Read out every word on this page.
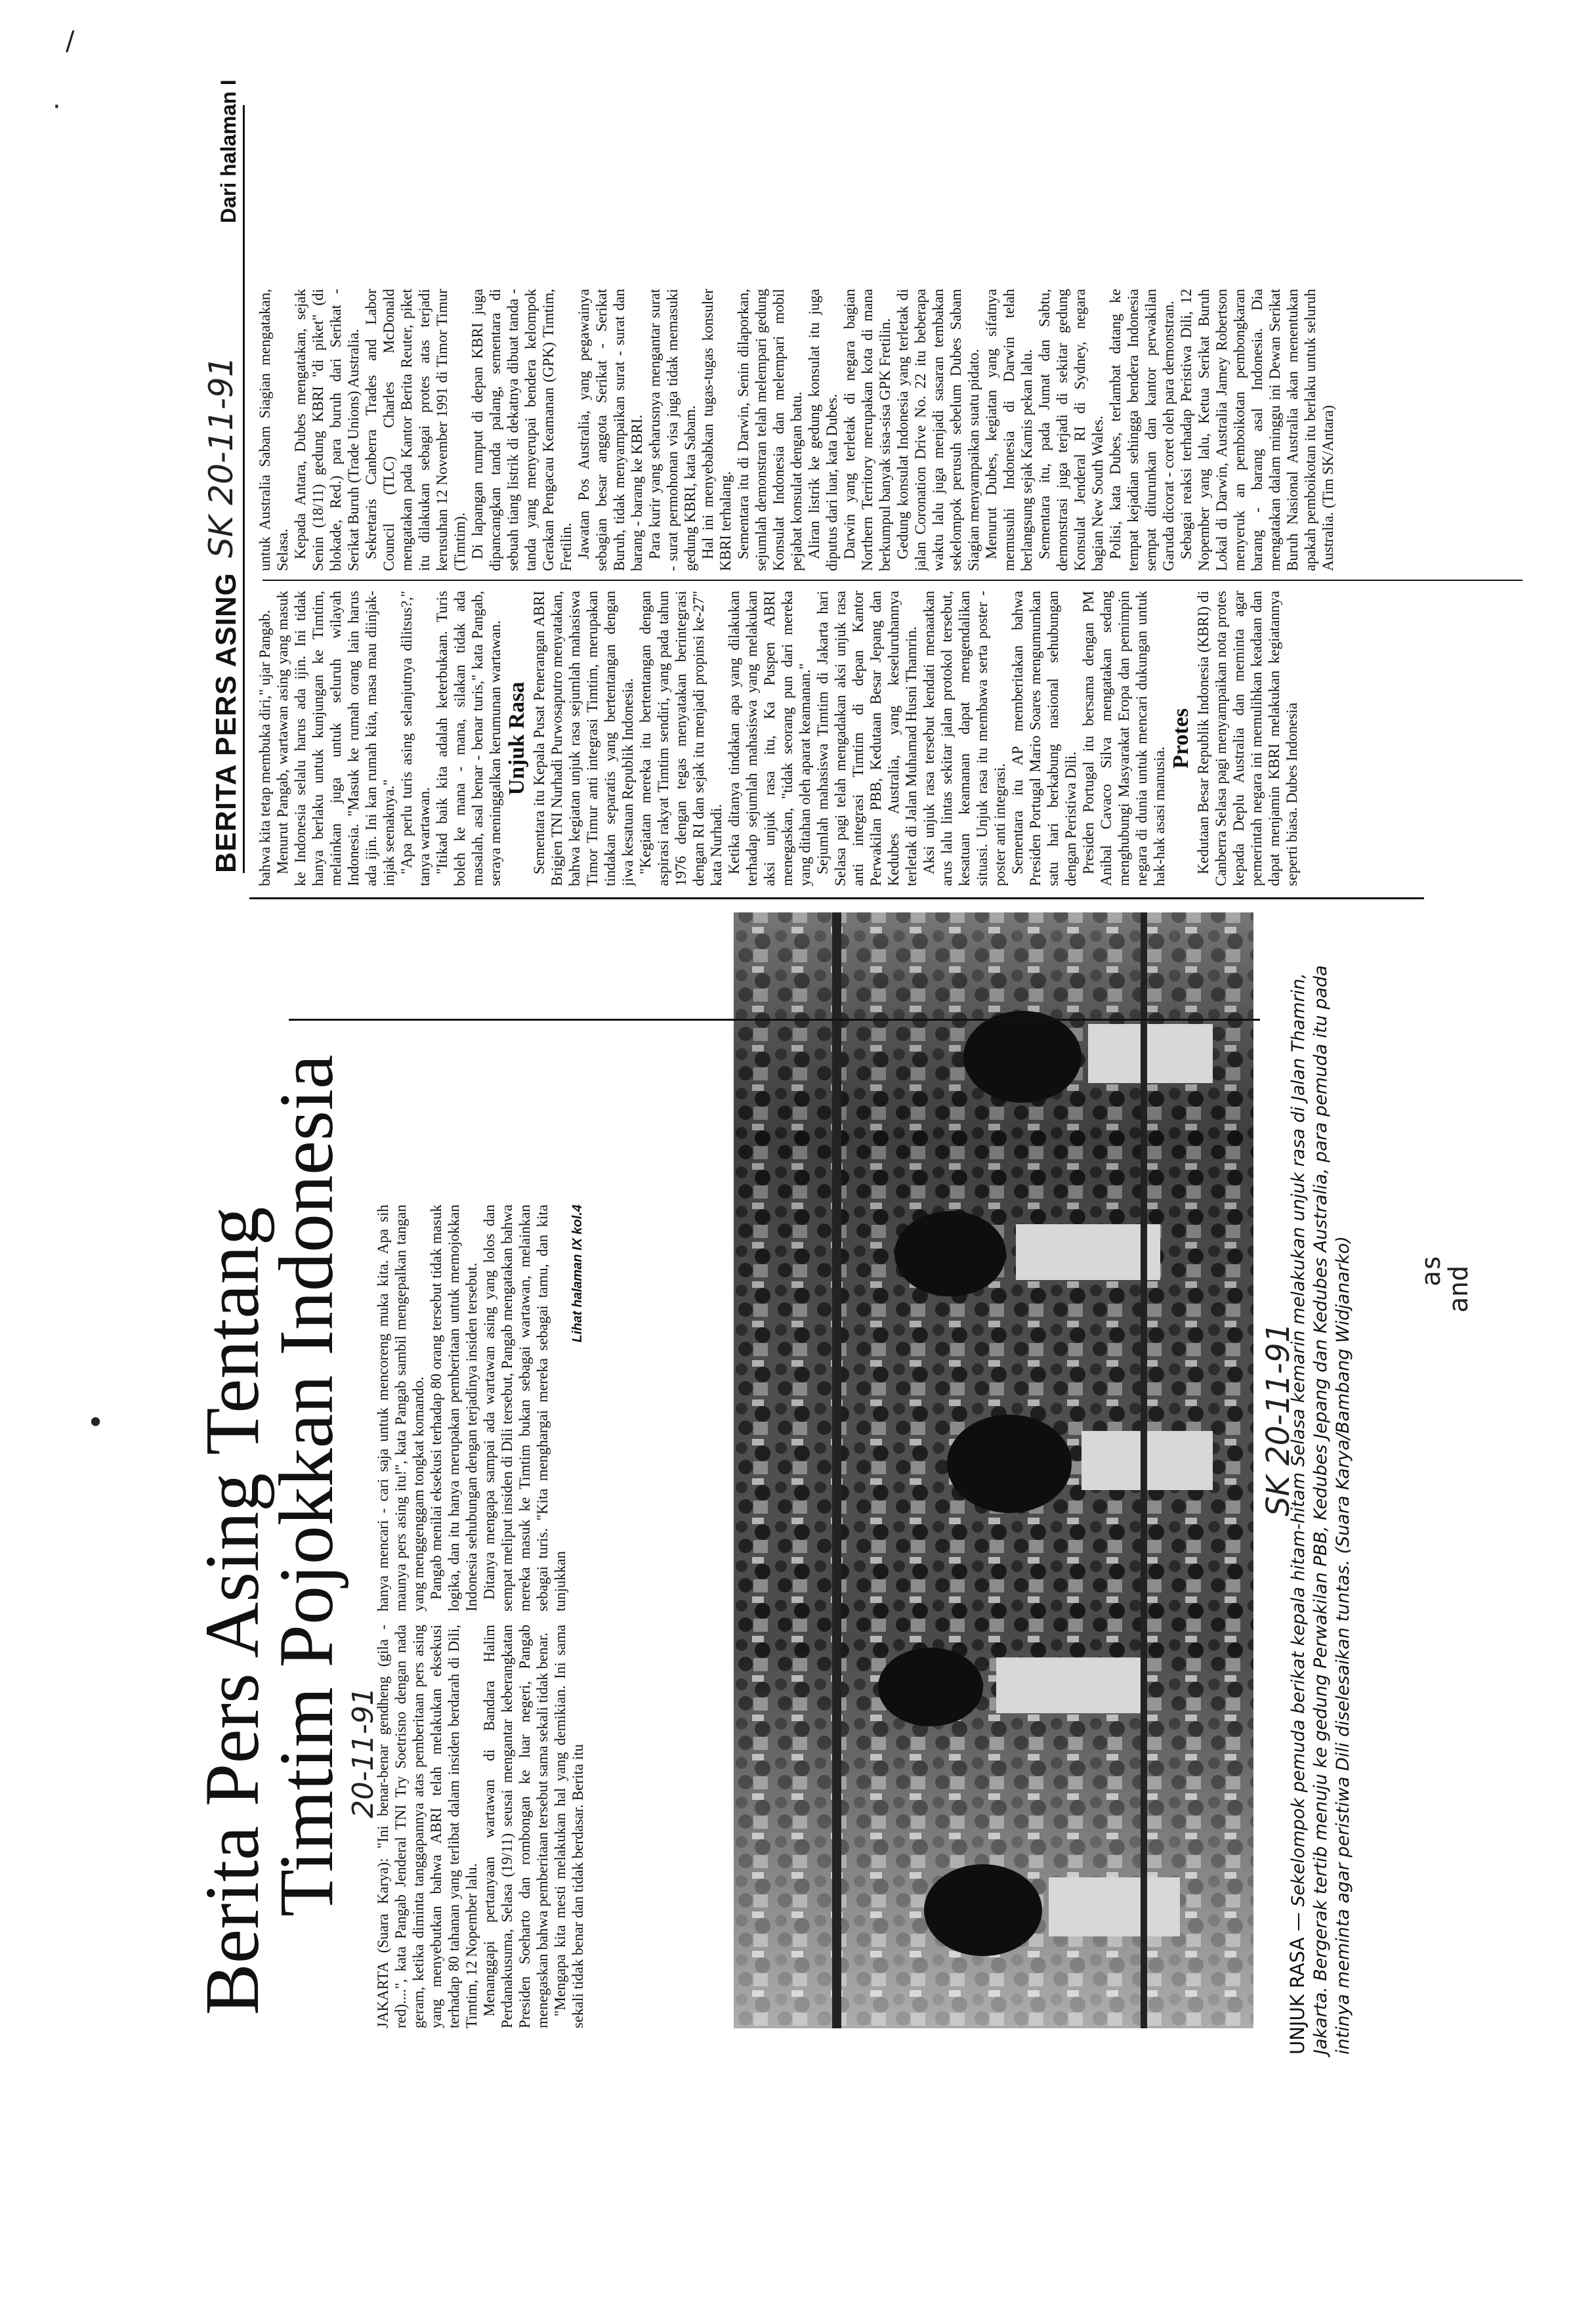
/
·
• Berita Pers Asing Tentang
Timtim Pojokkan Indonesia
20-11-91

JAKARTA (Suara Karya): "Ini benar-benar gendheng (gila - red)....", kata Pangab Jenderal TNI Try Soetrisno dengan nada geram, ketika diminta tanggapannya atas pemberitaan pers asing yang menyebutkan bahwa ABRI telah melakukan eksekusi terhadap 80 tahanan yang terlibat dalam insiden berdarah di Dili, Timtim, 12 Nopember lalu. Menanggapi pertanyaan wartawan di Bandara Halim Perdanakusuma, Selasa (19/11) seusai mengantar keberangkatan Presiden Soeharto dan rombongan ke luar negeri, Pangab menegaskan bahwa pemberitaan tersebut sama sekali tidak benar. "Mengapa kita mesti melakukan hal yang demikian. Ini sama sekali tidak benar dan tidak berdasar. Berita itu

hanya mencari - cari saja untuk mencoreng muka kita. Apa sih maunya pers asing itu!", kata Pangab sambil mengepalkan tangan yang menggenggam tongkat komando. Pangab menilai eksekusi terhadap 80 orang tersebut tidak masuk logika, dan itu hanya merupakan pemberitaan untuk memojokkan Indonesia sehubungan dengan terjadinya insiden tersebut. Ditanya mengapa sampai ada wartawan asing yang lolos dan sempat meliput insiden di Dili tersebut, Pangab mengatakan bahwa mereka masuk ke Timtim bukan sebagai wartawan, melainkan sebagai turis. "Kita menghargai mereka sebagai tamu, dan kita tunjukkan

Lihat halaman IX kol.4
SK 20-11-91
UNJUK RASA — Sekelompok pemuda berikat kepala hitam-hitam Selasa kemarin melakukan unjuk rasa di Jalan Thamrin, Jakarta. Bergerak tertib menuju ke gedung Perwakilan PBB, Kedubes Jepang dan Kedubes Australia, para pemuda itu pada intinya meminta agar peristiwa Dili diselesaikan tuntas. (Suara Karya/Bambang Widjanarko)
BERITA PERS ASING
SK 20-11-91
Dari halaman I

bahwa kita tetap membuka diri," ujar Pangab. Menurut Pangab, wartawan asing yang masuk ke Indonesia selalu harus ada ijin. Ini tidak hanya berlaku untuk kunjungan ke Timtim, melainkan juga untuk seluruh wilayah Indonesia. "Masuk ke rumah orang lain harus ada ijin. Ini kan rumah kita, masa mau diinjak-injak seenaknya." "Apa perlu turis asing selanjutnya dilitsus?," tanya wartawan. "Itikad baik kita adalah keterbukaan. Turis boleh ke mana - mana, silakan tidak ada masalah, asal benar - benar turis," kata Pangab, seraya meninggalkan kerumunan wartawan. Unjuk Rasa Sementara itu Kepala Pusat Penerangan ABRI Brigjen TNI Nurhadi Purwosaputro menyatakan, bahwa kegiatan unjuk rasa sejumlah mahasiswa Timor Timur anti integrasi Timtim, merupakan tindakan separatis yang bertentangan dengan jiwa kesatuan Republik Indonesia. "Kegiatan mereka itu bertentangan dengan aspirasi rakyat Timtim sendiri, yang pada tahun 1976 dengan tegas menyatakan berintegrasi dengan RI dan sejak itu menjadi propinsi ke-27" kata Nurhadi. Ketika ditanya tindakan apa yang dilakukan terhadap sejumlah mahasiswa yang melakukan aksi unjuk rasa itu, Ka Puspen ABRI menegaskan, "tidak seorang pun dari mereka yang ditahan oleh aparat keamanan." Sejumlah mahasiswa Timtim di Jakarta hari Selasa pagi telah mengadakan aksi unjuk rasa anti integrasi Timtim di depan Kantor Perwakilan PBB, Kedutaan Besar Jepang dan Kedubes Australia, yang keseluruhannya terletak di Jalan Muhamad Husni Thamrin. Aksi unjuk rasa tersebut kendati menaatkan arus lalu lintas sekitar jalan protokol tersebut, kesatuan keamanan dapat mengendalikan situasi. Unjuk rasa itu membawa serta poster - poster anti integrasi. Sementara itu AP memberitakan bahwa Presiden Portugal Mario Soares mengumumkan satu hari berkabung nasional sehubungan dengan Peristiwa Dili. Presiden Portugal itu bersama dengan PM Anibal Cavaco Silva mengatakan sedang menghubungi Masyarakat Eropa dan pemimpin negara di dunia untuk mencari dukungan untuk hak-hak asasi manusia.

Protes Kedutaan Besar Republik Indonesia (KBRI) di Canberra Selasa pagi menyampaikan nota protes kepada Deplu Australia dan meminta agar pemerintah negara ini memulihkan keadaan dan dapat menjamin KBRI melakukan kegiatannya seperti biasa. Dubes Indonesia

untuk Australia Sabam Siagian mengatakan, Selasa. Kepada Antara, Dubes mengatakan, sejak Senin (18/11) gedung KBRI "di piket" (di blokade, Red.) para buruh dari Serikat - Serikat Buruh (Trade Unions) Australia. Sekretaris Canberra Trades and Labor Council (TLC) Charles McDonald mengatakan pada Kantor Berita Reuter, piket itu dilakukan sebagai protes atas terjadi kerusuhan 12 November 1991 di Timor Timur (Timtim). Di lapangan rumput di depan KBRI juga dipancangkan tanda palang, sementara di sebuah tiang listrik di dekatnya dibuat tanda - tanda yang menyerupai bendera kelompok Gerakan Pengacau Keamanan (GPK) Timtim, Fretilin. Jawatan Pos Australia, yang pegawainya sebagian besar anggota Serikat - Serikat Buruh, tidak menyampaikan surat - surat dan barang - barang ke KBRI. Para kurir yang seharusnya mengantar surat - surat permohonan visa juga tidak memasuki gedung KBRI, kata Sabam. Hal ini menyebabkan tugas-tugas konsuler KBRI terhalang. Sementara itu di Darwin, Senin dilaporkan, sejumlah demonstran telah melempari gedung Konsulat Indonesia dan melempari mobil pejabat konsulat dengan batu. Aliran listrik ke gedung konsulat itu juga diputus dari luar, kata Dubes. Darwin yang terletak di negara bagian Northern Territory merupakan kota di mana berkumpul banyak sisa-sisa GPK Fretilin. Gedung konsulat Indonesia yang terletak di jalan Coronation Drive No. 22 itu beberapa waktu lalu juga menjadi sasaran tembakan sekelompok perusuh sebelum Dubes Sabam Siagian menyampaikan suatu pidato. Menurut Dubes, kegiatan yang sifatnya memusuhi Indonesia di Darwin telah berlangsung sejak Kamis pekan lalu. Sementara itu, pada Jumat dan Sabtu, demonstrasi juga terjadi di sekitar gedung Konsulat Jenderal RI di Sydney, negara bagian New South Wales. Polisi, kata Dubes, terlambat datang ke tempat kejadian sehingga bendera Indonesia sempat diturunkan dan kantor perwakilan Garuda dicorat - coret oleh para demonstran. Sebagai reaksi terhadap Peristiwa Dili, 12 Nopember yang lalu, Ketua Serikat Buruh Lokal di Darwin, Australia Jamey Robertson menyeruk an pemboikotan pembongkaran barang - barang asal Indonesia. Dia mengatakan dalam minggu ini Dewan Serikat Buruh Nasional Australia akan menentukan apakah pemboikotan itu berlaku untuk seluruh Australia. (Tim SK/Antara)

as
and
